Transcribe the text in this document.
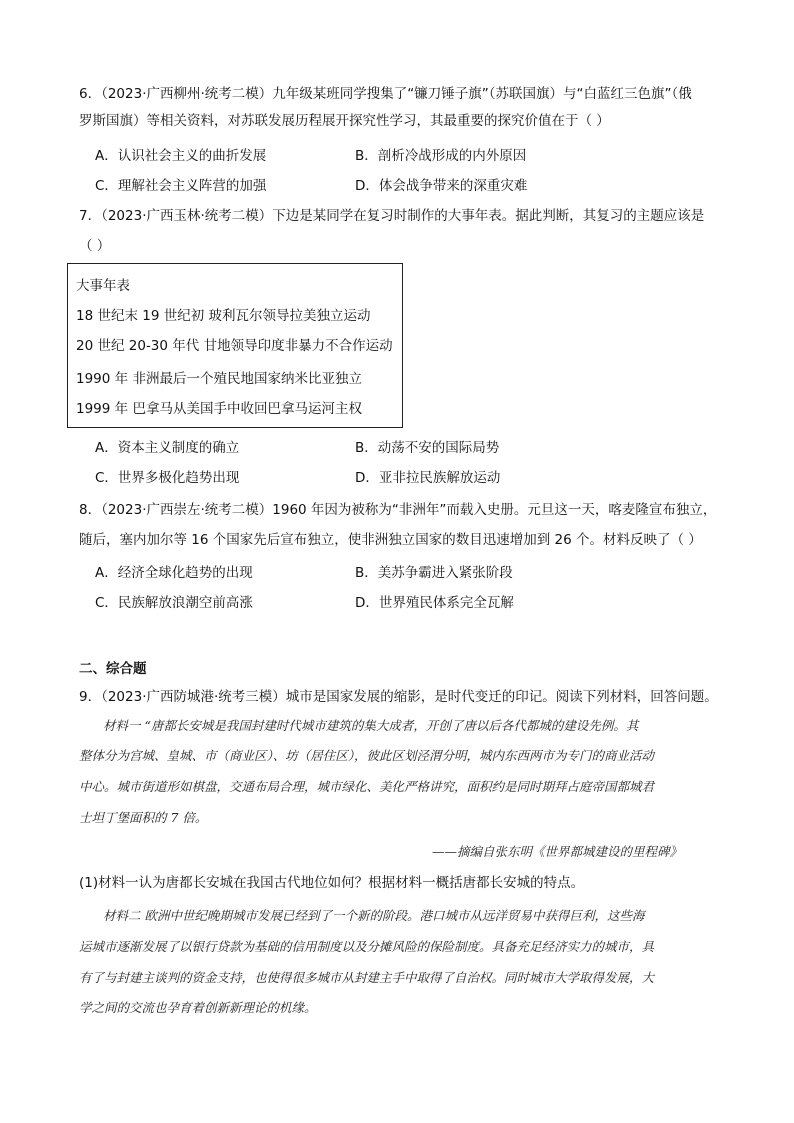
6．（2023·广西柳州·统考二模）九年级某班同学搜集了“镰刀锤子旗”（苏联国旗）与“白蓝红三色旗”（俄
罗斯国旗）等相关资料，对苏联发展历程展开探究性学习，其最重要的探究价值在于（ ）
A．认识社会主义的曲折发展	B．剖析冷战形成的内外原因
C．理解社会主义阵营的加强	D．体会战争带来的深重灾难
7．（2023·广西玉林·统考二模）下边是某同学在复习时制作的大事年表。据此判断，其复习的主题应该是
（ ）
大事年表
18 世纪末 19 世纪初 玻利瓦尔领导拉美独立运动
20 世纪 20-30 年代 甘地领导印度非暴力不合作运动
1990 年 非洲最后一个殖民地国家纳米比亚独立
1999 年 巴拿马从美国手中收回巴拿马运河主权
A．资本主义制度的确立	B．动荡不安的国际局势
C．世界多极化趋势出现	D．亚非拉民族解放运动
8．（2023·广西崇左·统考二模）1960 年因为被称为“非洲年”而载入史册。元旦这一天，喀麦隆宣布独立，
随后，塞内加尔等 16 个国家先后宣布独立，使非洲独立国家的数目迅速增加到 26 个。材料反映了（ ）
A．经济全球化趋势的出现	B．美苏争霸进入紧张阶段
C．民族解放浪潮空前高涨	D．世界殖民体系完全瓦解
二、综合题
9．（2023·广西防城港·统考三模）城市是国家发展的缩影，是时代变迁的印记。阅读下列材料，回答问题。
材料一 “唐都长安城是我国封建时代城市建筑的集大成者，开创了唐以后各代都城的建设先例。其
整体分为宫城、皇城、市（商业区）、坊（居住区），彼此区划泾渭分明，城内东西两市为专门的商业活动
中心。城市街道形如棋盘，交通布局合理，城市绿化、美化严格讲究，面积约是同时期拜占庭帝国都城君
士坦丁堡面积的 7 倍。
——摘编自张东明《世界都城建设的里程碑》
(1)材料一认为唐都长安城在我国古代地位如何？根据材料一概括唐都长安城的特点。
材料二 欧洲中世纪晚期城市发展已经到了一个新的阶段。港口城市从远洋贸易中获得巨利，这些海
运城市逐渐发展了以银行贷款为基础的信用制度以及分摊风险的保险制度。具备充足经济实力的城市，具
有了与封建主谈判的资金支持，也使得很多城市从封建主手中取得了自治权。同时城市大学取得发展，大
学之间的交流也孕育着创新新理论的机缘。
